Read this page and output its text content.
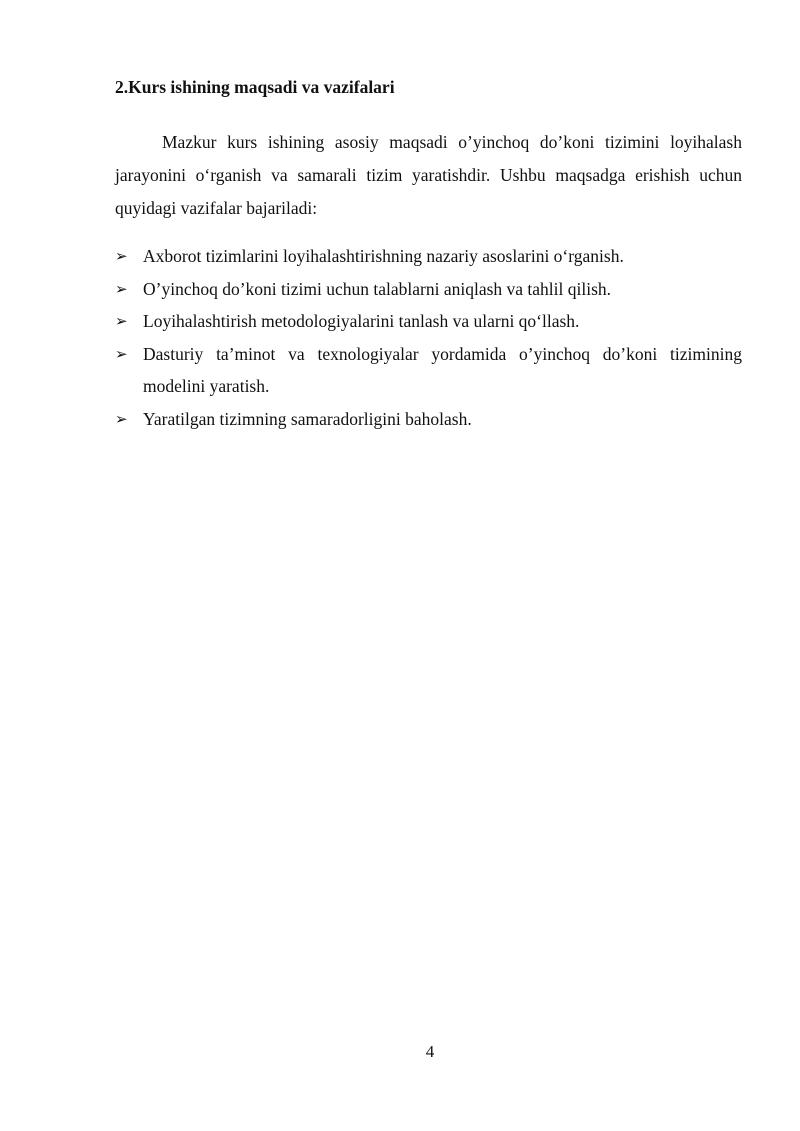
2.Kurs ishining maqsadi va vazifalari

Mazkur kurs ishining asosiy maqsadi o’yinchoq do’koni tizimini loyihalash jarayonini o‘rganish va samarali tizim yaratishdir. Ushbu maqsadga erishish uchun quyidagi vazifalar bajariladi:

➢ Axborot tizimlarini loyihalashtirishning nazariy asoslarini o‘rganish.
➢ O’yinchoq do’koni tizimi uchun talablarni aniqlash va tahlil qilish.
➢ Loyihalashtirish metodologiyalarini tanlash va ularni qo‘llash.
➢ Dasturiy ta’minot va texnologiyalar yordamida o’yinchoq do’koni tizimining modelini yaratish.
➢ Yaratilgan tizimning samaradorligini baholash.
4
